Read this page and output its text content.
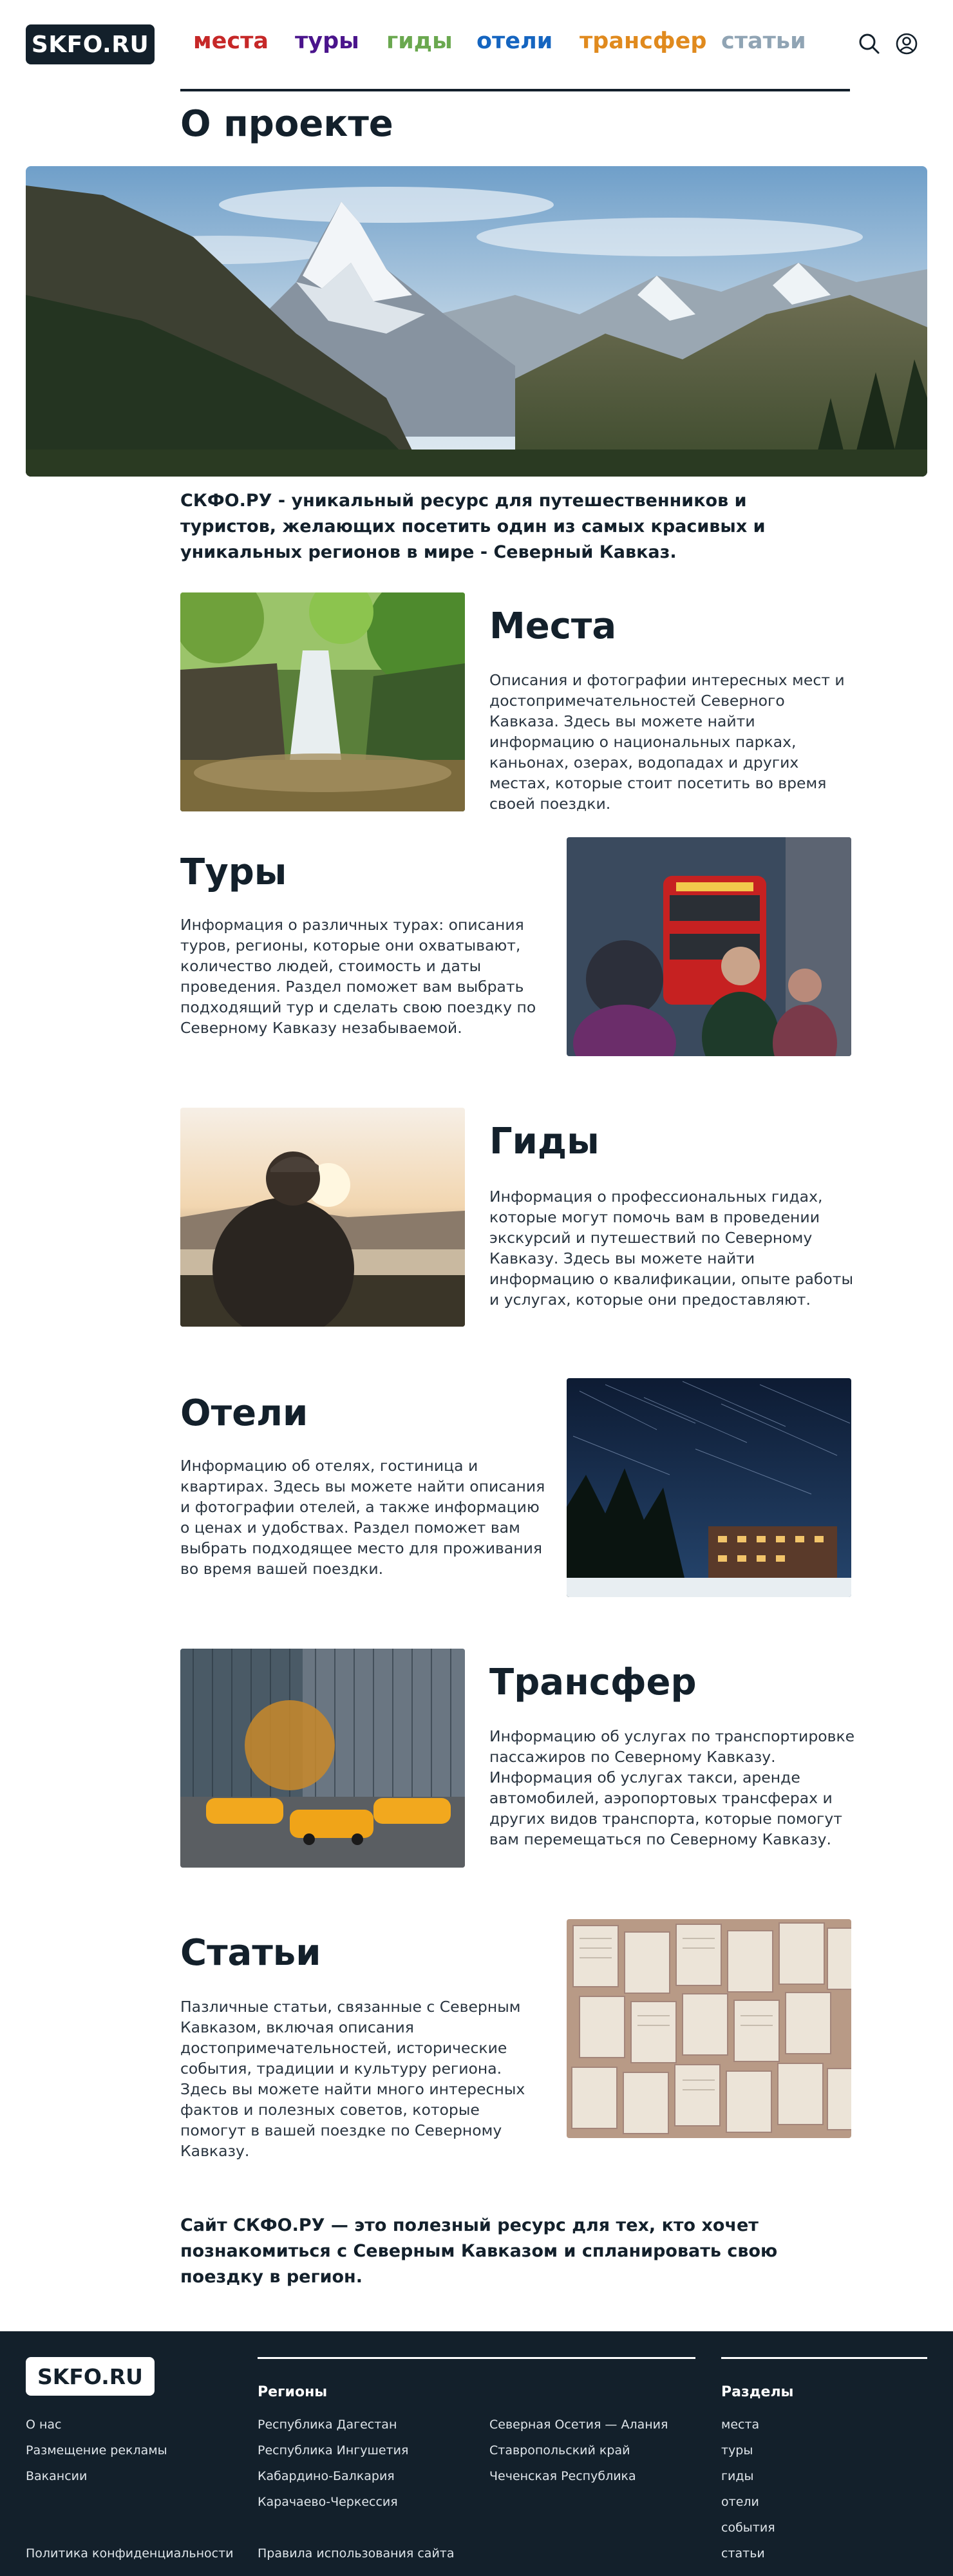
SKFO.RU места туры гиды отели трансфер статьи
О проекте
СКФО.РУ - уникальный ресурс для путешественников и туристов, желающих посетить один из самых красивых и уникальных регионов в мире - Северный Кавказ.
Места
Описания и фотографии интересных мест и достопримечательностей Северного Кавказа. Здесь вы можете найти информацию о национальных парках, каньонах, озерах, водопадах и других местах, которые стоит посетить во время своей поездки.
Туры
Информация о различных турах: описания туров, регионы, которые они охватывают, количество людей, стоимость и даты проведения. Раздел поможет вам выбрать подходящий тур и сделать свою поездку по Северному Кавказу незабываемой.
Гиды
Информация о профессиональных гидах, которые могут помочь вам в проведении экскурсий и путешествий по Северному Кавказу. Здесь вы можете найти информацию о квалификации, опыте работы и услугах, которые они предоставляют.
Отели
Информацию об отелях, гостиница и квартирах. Здесь вы можете найти описания и фотографии отелей, а также информацию о ценах и удобствах. Раздел поможет вам выбрать подходящее место для проживания во время вашей поездки.
Трансфер
Информацию об услугах по транспортировке пассажиров по Северному Кавказу. Информация об услугах такси, аренде автомобилей, аэропортовых трансферах и других видов транспорта, которые помогут вам перемещаться по Северному Кавказу.
Статьи
Пазличные статьи, связанные с Северным Кавказом, включая описания достопримечательностей, исторические события, традиции и культуру региона. Здесь вы можете найти много интересных фактов и полезных советов, которые помогут в вашей поездке по Северному Кавказу.
Сайт СКФО.РУ — это полезный ресурс для тех, кто хочет познакомиться с Северным Кавказом и спланировать свою поездку в регион.
SKFO.RU
О нас
Размещение рекламы
Вакансии
Регионы
Республика Дагестан
Республика Ингушетия
Кабардино-Балкария
Карачаево-Черкессия
Северная Осетия — Алания
Ставропольский край
Чеченская Республика
Разделы
места
туры
гиды
отели
события
статьи
Политика конфиденциальности Правила использования сайта
